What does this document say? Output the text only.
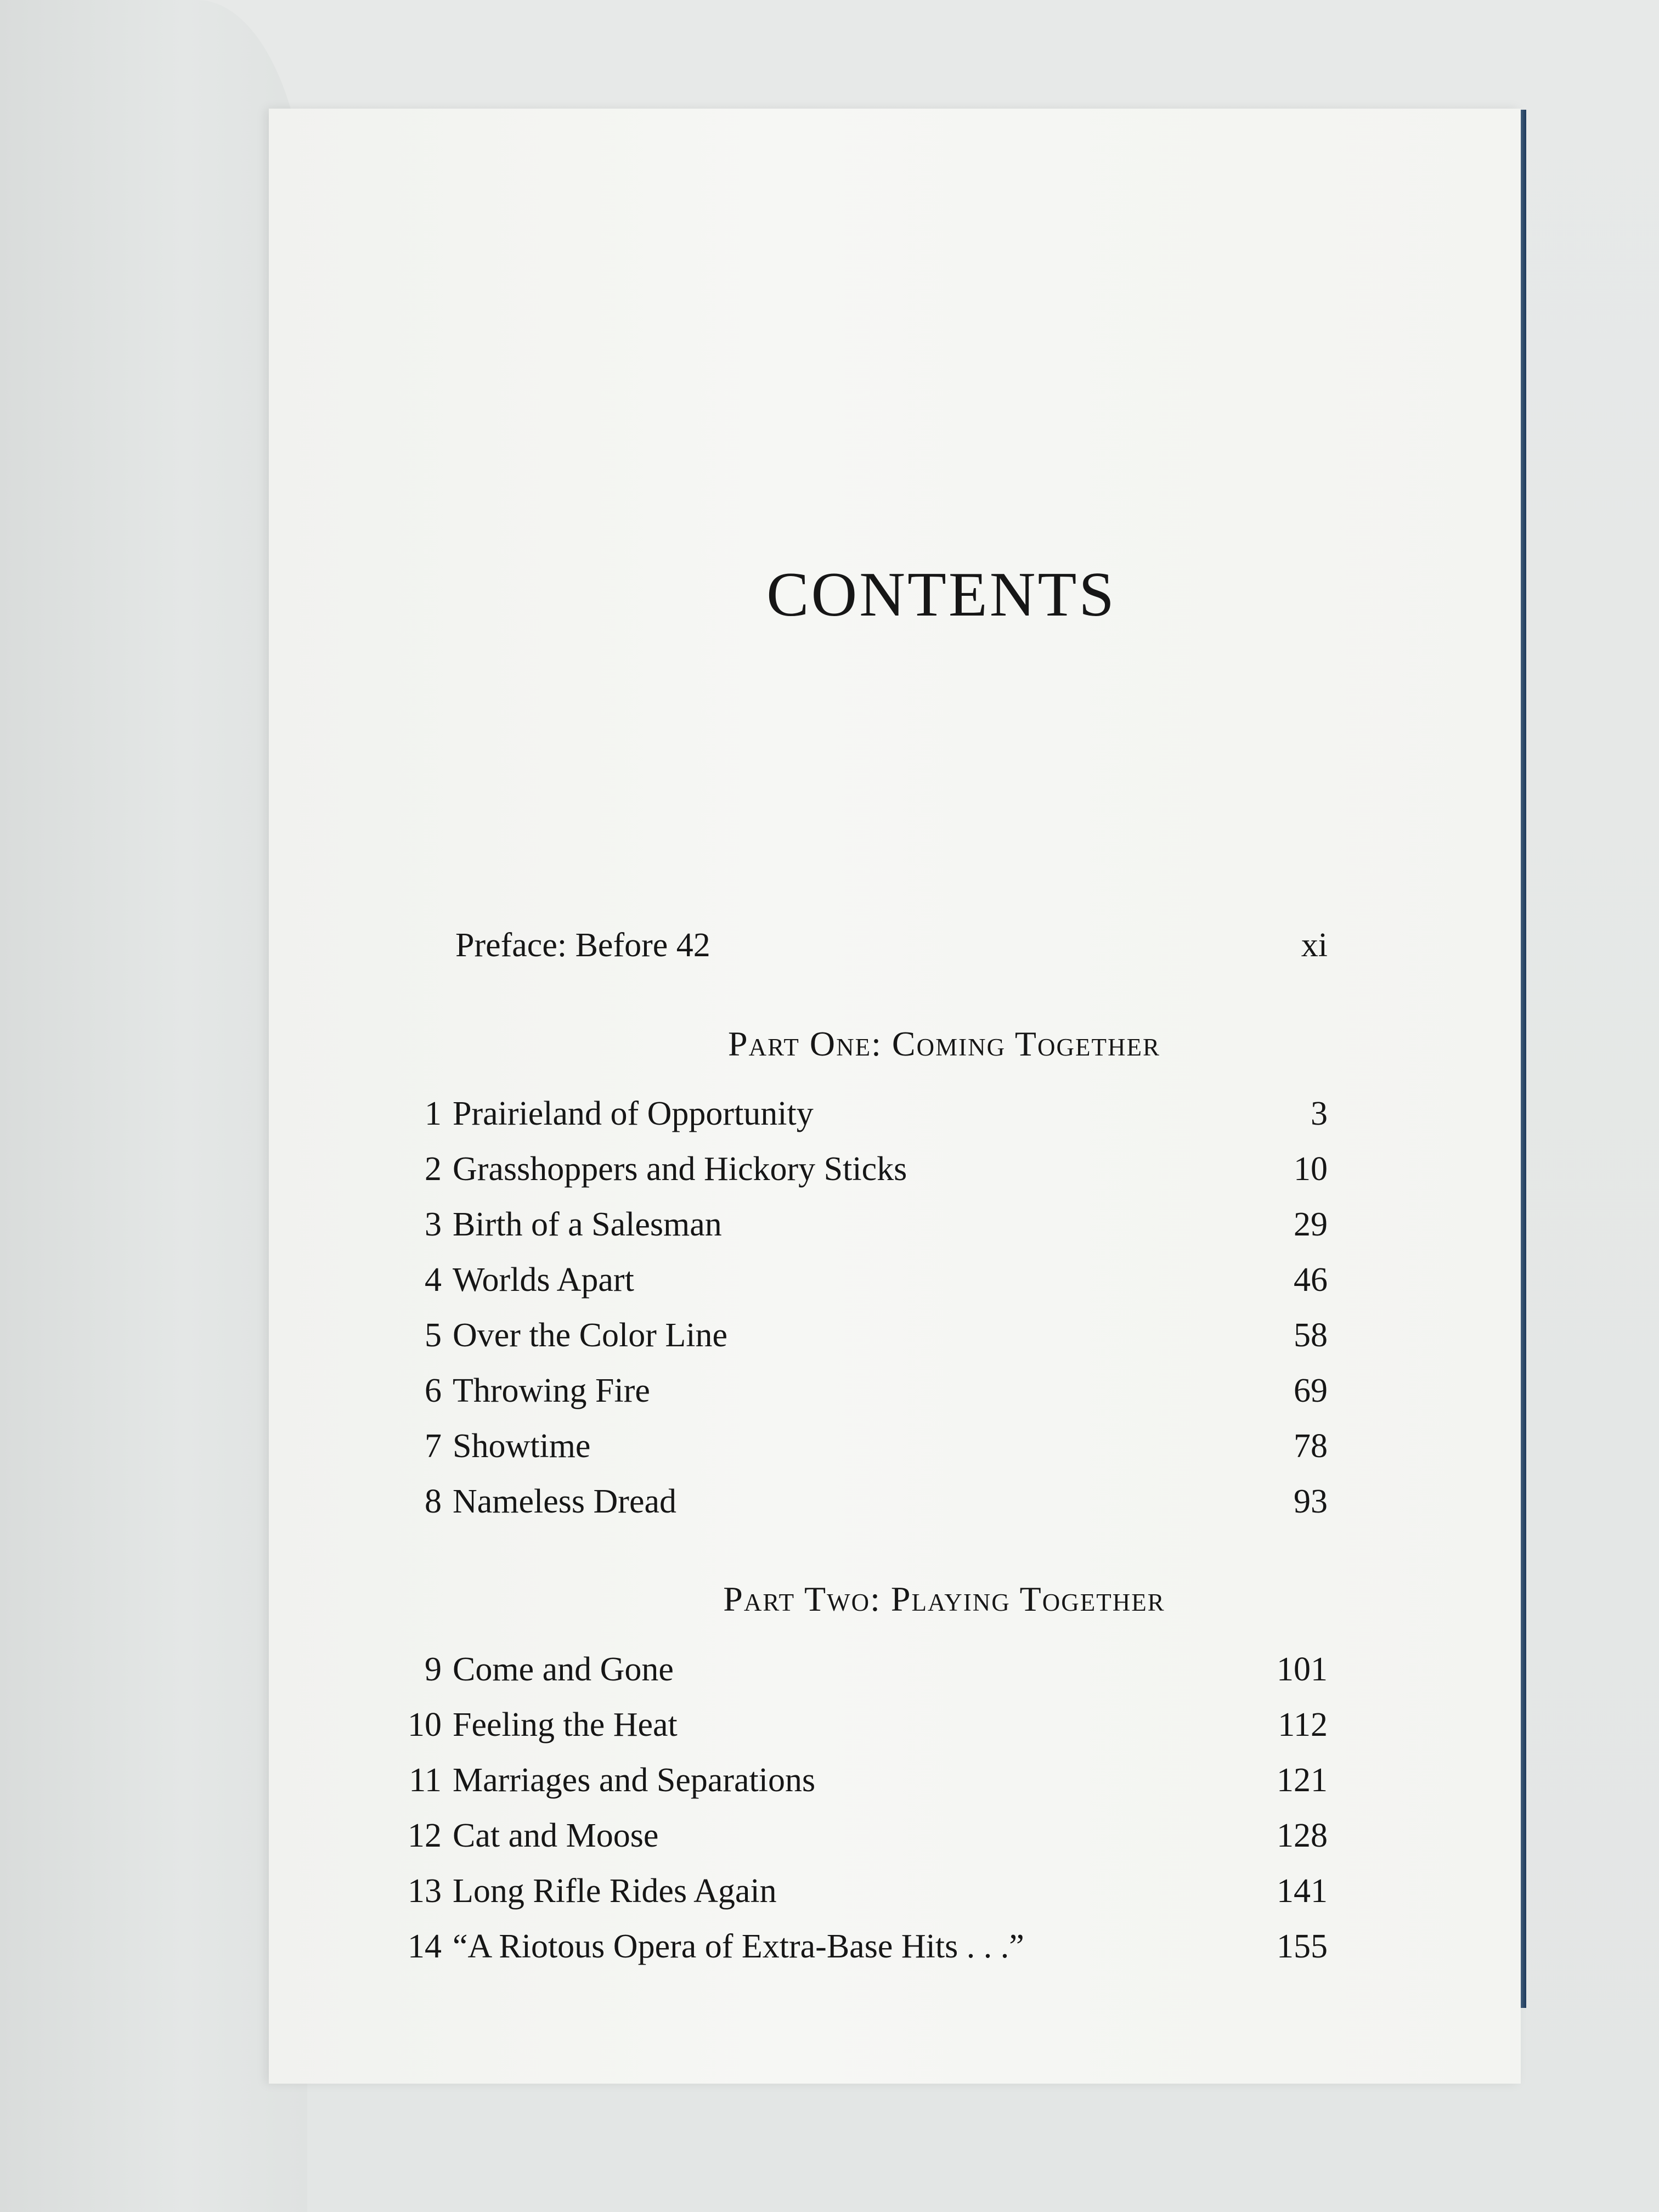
CONTENTS
Preface: Before 42	xi
Part One: Coming Together
1 Prairieland of Opportunity	3
2 Grasshoppers and Hickory Sticks	10
3 Birth of a Salesman	29
4 Worlds Apart	46
5 Over the Color Line	58
6 Throwing Fire	69
7 Showtime	78
8 Nameless Dread	93
Part Two: Playing Together
9 Come and Gone	101
10 Feeling the Heat	112
11 Marriages and Separations	121
12 Cat and Moose	128
13 Long Rifle Rides Again	141
14 “A Riotous Opera of Extra-Base Hits . . .”	155
